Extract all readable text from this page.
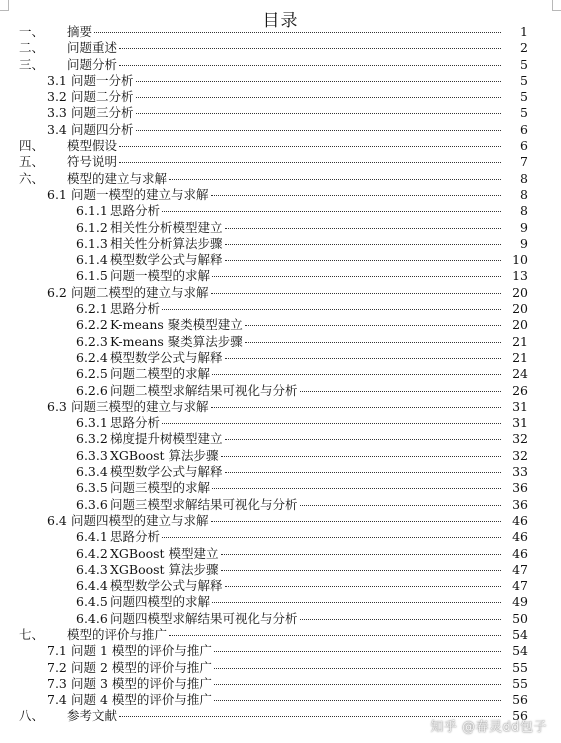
目录
一、 摘要	1
二、 问题重述	2
三、 问题分析	5
3.1 问题一分析	5
3.2 问题二分析	5
3.3 问题三分析	5
3.4 问题四分析	6
四、 模型假设	6
五、 符号说明	7
六、 模型的建立与求解	8
6.1 问题一模型的建立与求解	8
6.1.1 思路分析	8
6.1.2 相关性分析模型建立	9
6.1.3 相关性分析算法步骤	9
6.1.4 模型数学公式与解释	10
6.1.5 问题一模型的求解	13
6.2 问题二模型的建立与求解	20
6.2.1 思路分析	20
6.2.2 K-means 聚类模型建立	20
6.2.3 K-means 聚类算法步骤	21
6.2.4 模型数学公式与解释	21
6.2.5 问题二模型的求解	24
6.2.6 问题二模型求解结果可视化与分析	26
6.3 问题三模型的建立与求解	31
6.3.1 思路分析	31
6.3.2 梯度提升树模型建立	32
6.3.3 XGBoost 算法步骤	32
6.3.4 模型数学公式与解释	33
6.3.5 问题三模型的求解	36
6.3.6 问题三模型求解结果可视化与分析	36
6.4 问题四模型的建立与求解	46
6.4.1 思路分析	46
6.4.2 XGBoost 模型建立	46
6.4.3 XGBoost 算法步骤	47
6.4.4 模型数学公式与解释	47
6.4.5 问题四模型的求解	49
6.4.6 问题四模型求解结果可视化与分析	50
七、 模型的评价与推广	54
7.1 问题 1 模型的评价与推广	54
7.2 问题 2 模型的评价与推广	55
7.3 问题 3 模型的评价与推广	55
7.4 问题 4 模型的评价与推广	56
八、 参考文献	56
知乎 @春灵dd包子
